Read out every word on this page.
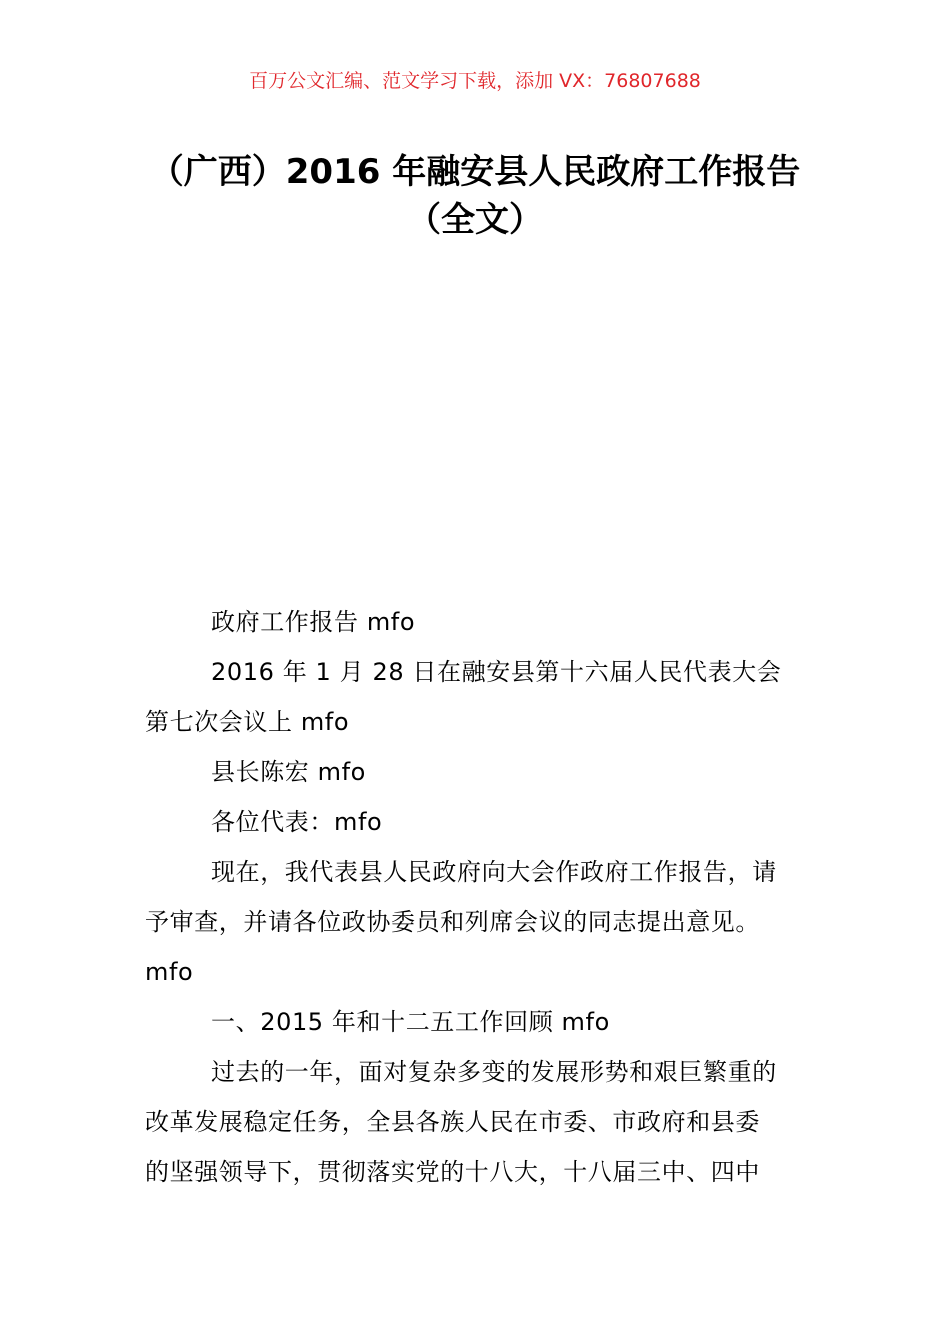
百万公文汇编、范文学习下载，添加 VX：76807688
（广西）2016 年融安县人民政府工作报告
（全文）
政府工作报告 mfo
2016 年 1 月 28 日在融安县第十六届人民代表大会
第七次会议上 mfo
县长陈宏 mfo
各位代表：mfo
现在，我代表县人民政府向大会作政府工作报告，请
予审查，并请各位政协委员和列席会议的同志提出意见。
mfo
一、2015 年和十二五工作回顾 mfo
过去的一年，面对复杂多变的发展形势和艰巨繁重的
改革发展稳定任务，全县各族人民在市委、市政府和县委
的坚强领导下，贯彻落实党的十八大，十八届三中、四中
